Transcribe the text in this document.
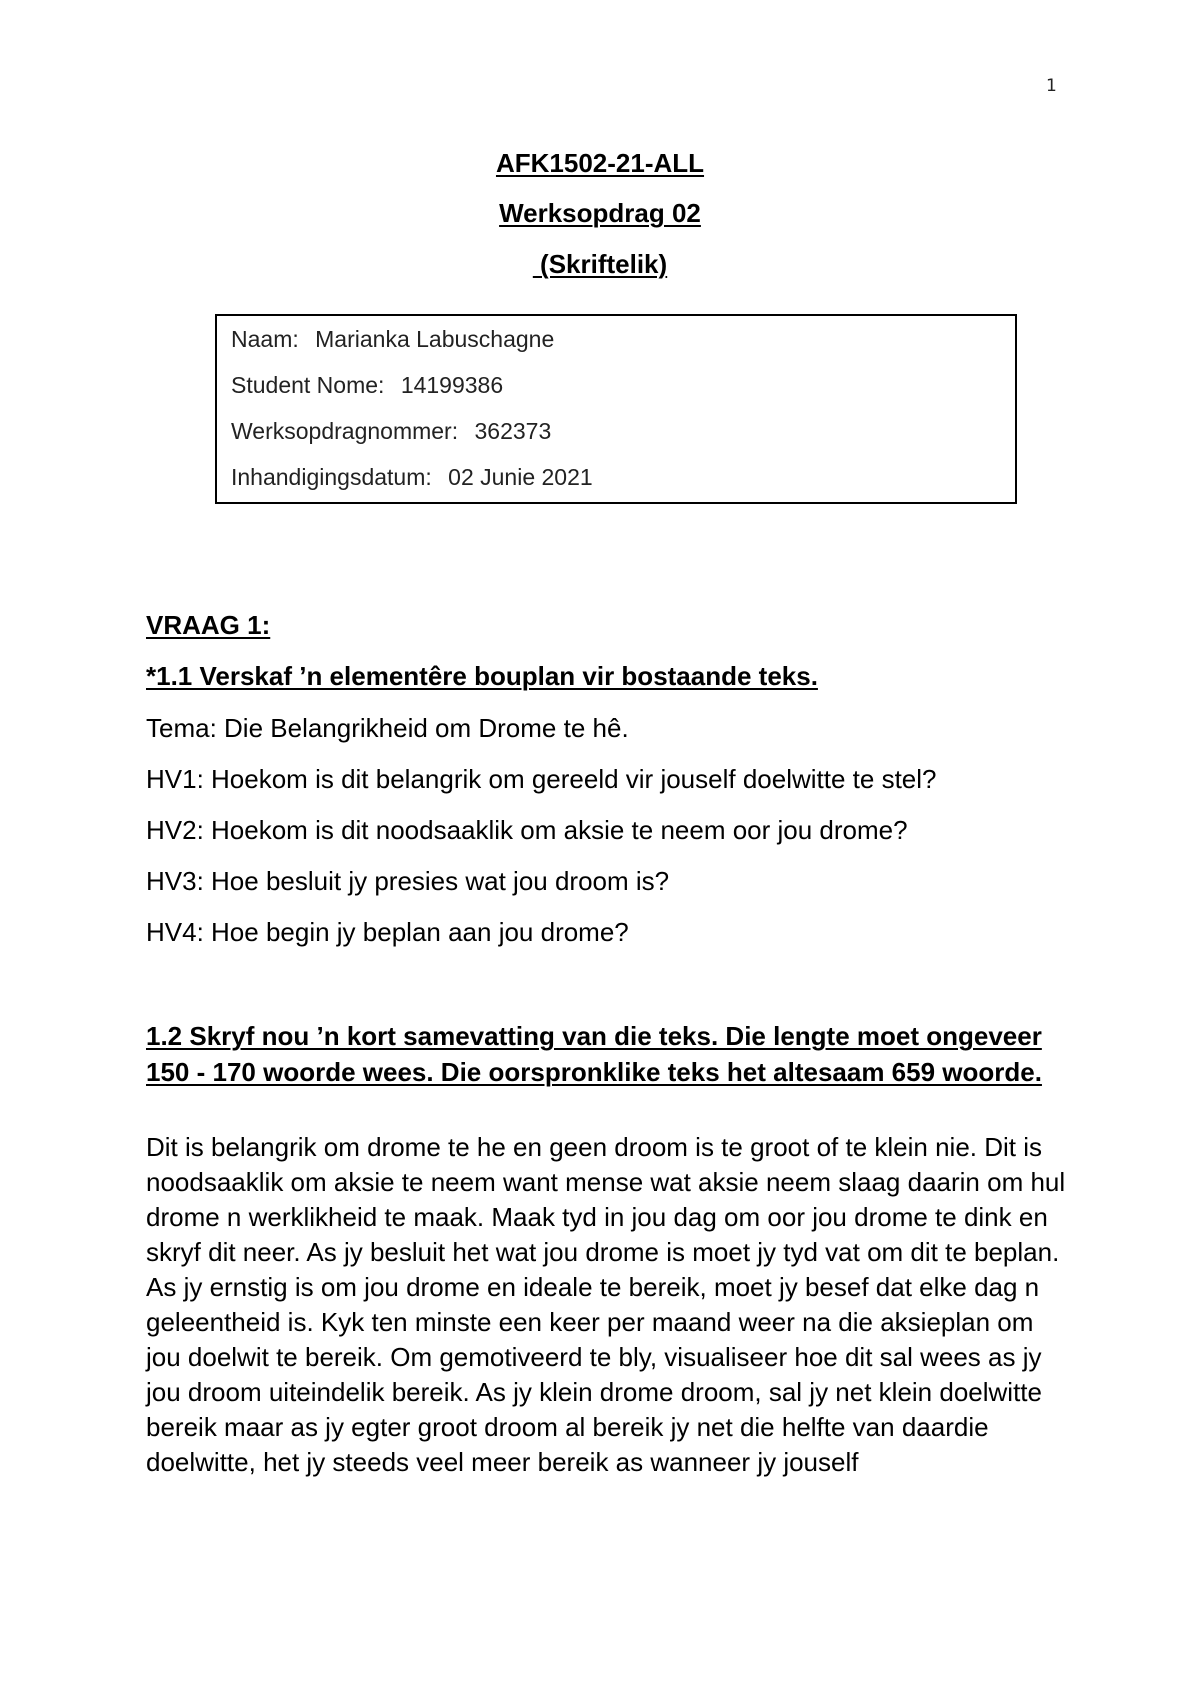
1
AFK1502-21-ALL
Werksopdrag 02
(Skriftelik)
Naam: Marianka Labuschagne
Student Nome: 14199386
Werksopdragnommer: 362373
Inhandigingsdatum: 02 Junie 2021

VRAAG 1:

*1.1 Verskaf ’n elementêre bouplan vir bostaande teks.

Tema: Die Belangrikheid om Drome te hê.

HV1: Hoekom is dit belangrik om gereeld vir jouself doelwitte te stel?

HV2: Hoekom is dit noodsaaklik om aksie te neem oor jou drome?

HV3: Hoe besluit jy presies wat jou droom is?

HV4: Hoe begin jy beplan aan jou drome?

1.2 Skryf nou ’n kort samevatting van die teks. Die lengte moet ongeveer 150 - 170 woorde wees. Die oorspronklike teks het altesaam 659 woorde.

Dit is belangrik om drome te he en geen droom is te groot of te klein nie. Dit is noodsaaklik om aksie te neem want mense wat aksie neem slaag daarin om hul drome n werklikheid te maak. Maak tyd in jou dag om oor jou drome te dink en skryf dit neer. As jy besluit het wat jou drome is moet jy tyd vat om dit te beplan. As jy ernstig is om jou drome en ideale te bereik, moet jy besef dat elke dag n geleentheid is. Kyk ten minste een keer per maand weer na die aksieplan om jou doelwit te bereik. Om gemotiveerd te bly, visualiseer hoe dit sal wees as jy jou droom uiteindelik bereik. As jy klein drome droom, sal jy net klein doelwitte bereik maar as jy egter groot droom al bereik jy net die helfte van daardie doelwitte, het jy steeds veel meer bereik as wanneer jy jouself
